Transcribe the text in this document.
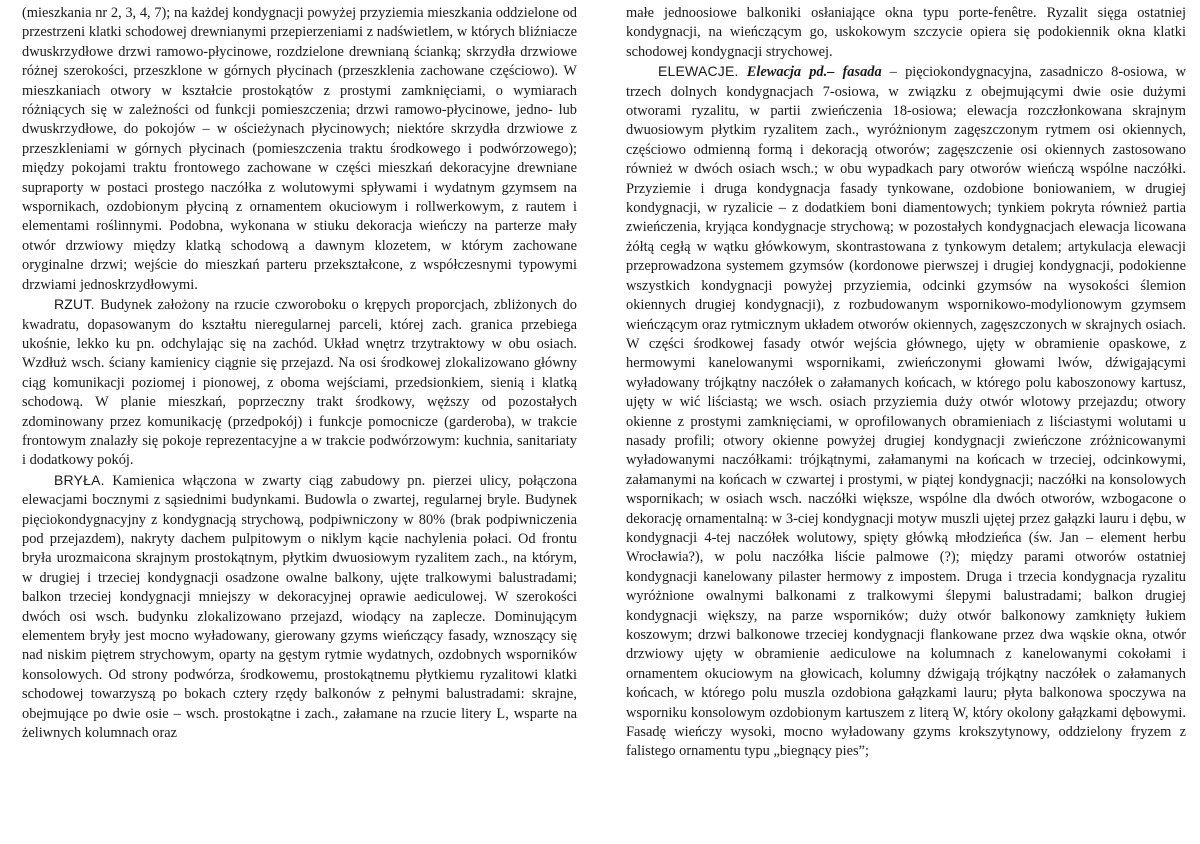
(mieszkania nr 2, 3, 4, 7); na każdej kondygnacji powyżej przyziemia mieszkania oddzielone od przestrzeni klatki schodowej drewnianymi przepierzeniami z nadświetlem, w których bliźniacze dwuskrzydłowe drzwi ramowo-płycinowe, rozdzielone drewnianą ścianką; skrzydła drzwiowe różnej szerokości, przeszklone w górnych płycinach (przeszklenia zachowane częściowo). W mieszkaniach otwory w kształcie prostokątów z prostymi zamknięciami, o wymiarach różniących się w zależności od funkcji pomieszczenia; drzwi ramowo-płycinowe, jedno- lub dwuskrzydłowe, do pokojów – w ościeżynach płycinowych; niektóre skrzydła drzwiowe z przeszkleniami w górnych płycinach (pomieszczenia traktu środkowego i podwórzowego); między pokojami traktu frontowego zachowane w części mieszkań dekoracyjne drewniane supraporty w postaci prostego naczółka z wolutowymi spływami i wydatnym gzymsem na wspornikach, ozdobionym płyciną z ornamentem okuciowym i rollwerkowym, z rautem i elementami roślinnymi. Podobna, wykonana w stiuku dekoracja wieńczy na parterze mały otwór drzwiowy między klatką schodową a dawnym klozetem, w którym zachowane oryginalne drzwi; wejście do mieszkań parteru przekształcone, z współczesnymi typowymi drzwiami jednoskrzydłowymi.

RZUT. Budynek założony na rzucie czworoboku o krępych proporcjach, zbliżonych do kwadratu, dopasowanym do kształtu nieregularnej parceli, której zach. granica przebiega ukośnie, lekko ku pn. odchylając się na zachód. Układ wnętrz trzytraktowy w obu osiach. Wzdłuż wsch. ściany kamienicy ciągnie się przejazd. Na osi środkowej zlokalizowano główny ciąg komunikacji poziomej i pionowej, z oboma wejściami, przedsionkiem, sienią i klatką schodową. W planie mieszkań, poprzeczny trakt środkowy, węższy od pozostałych zdominowany przez komunikację (przedpokój) i funkcje pomocnicze (garderoba), w trakcie frontowym znalazły się pokoje reprezentacyjne a w trakcie podwórzowym: kuchnia, sanitariaty i dodatkowy pokój.

BRYŁA. Kamienica włączona w zwarty ciąg zabudowy pn. pierzei ulicy, połączona elewacjami bocznymi z sąsiednimi budynkami. Budowla o zwartej, regularnej bryle. Budynek pięciokondygnacyjny z kondygnacją strychową, podpiwniczony w 80% (brak podpiwniczenia pod przejazdem), nakryty dachem pulpitowym o niklym kącie nachylenia połaci. Od frontu bryła urozmaicona skrajnym prostokątnym, płytkim dwuosiowym ryzalitem zach., na którym, w drugiej i trzeciej kondygnacji osadzone owalne balkony, ujęte tralkowymi balustradami; balkon trzeciej kondygnacji mniejszy w dekoracyjnej oprawie aediculowej. W szerokości dwóch osi wsch. budynku zlokalizowano przejazd, wiodący na zaplecze. Dominującym elementem bryły jest mocno wyładowany, gierowany gzyms wieńczący fasady, wznoszący się nad niskim piętrem strychowym, oparty na gęstym rytmie wydatnych, ozdobnych wsporników konsolowych. Od strony podwórza, środkowemu, prostokątnemu płytkiemu ryzalitowi klatki schodowej towarzyszą po bokach cztery rzędy balkonów z pełnymi balustradami: skrajne, obejmujące po dwie osie – wsch. prostokątne i zach., załamane na rzucie litery L, wsparte na żeliwnych kolumnach oraz

małe jednoosiowe balkoniki osłaniające okna typu porte-fenêtre. Ryzalit sięga ostatniej kondygnacji, na wieńczącym go, uskokowym szczycie opiera się podokiennik okna klatki schodowej kondygnacji strychowej.

ELEWACJE. Elewacja pd.– fasada – pięciokondygnacyjna, zasadniczo 8-osiowa, w trzech dolnych kondygnacjach 7-osiowa, w związku z obejmującymi dwie osie dużymi otworami ryzalitu, w partii zwieńczenia 18-osiowa; elewacja rozczłonkowana skrajnym dwuosiowym płytkim ryzalitem zach., wyróżnionym zagęszczonym rytmem osi okiennych, częściowo odmienną formą i dekoracją otworów; zagęszczenie osi okiennych zastosowano również w dwóch osiach wsch.; w obu wypadkach pary otworów wieńczą wspólne naczółki. Przyziemie i druga kondygnacja fasady tynkowane, ozdobione boniowaniem, w drugiej kondygnacji, w ryzalicie – z dodatkiem boni diamentowych; tynkiem pokryta również partia zwieńczenia, kryjąca kondygnacje strychową; w pozostałych kondygnacjach elewacja licowana żółtą cegłą w wątku główkowym, skontrastowana z tynkowym detalem; artykulacja elewacji przeprowadzona systemem gzymsów (kordonowe pierwszej i drugiej kondygnacji, podokienne wszystkich kondygnacji powyżej przyziemia, odcinki gzymsów na wysokości ślemion okiennych drugiej kondygnacji), z rozbudowanym wspornikowo-modylionowym gzymsem wieńczącym oraz rytmicznym układem otworów okiennych, zagęszczonych w skrajnych osiach. W części środkowej fasady otwór wejścia głównego, ujęty w obramienie opaskowe, z hermowymi kanelowanymi wspornikami, zwieńczonymi głowami lwów, dźwigającymi wyładowany trójkątny naczółek o załamanych końcach, w którego polu kaboszonowy kartusz, ujęty w wić liściastą; we wsch. osiach przyziemia duży otwór wlotowy przejazdu; otwory okienne z prostymi zamknięciami, w oprofilowanych obramieniach z liściastymi wolutami u nasady profili; otwory okienne powyżej drugiej kondygnacji zwieńczone zróżnicowanymi wyładowanymi naczółkami: trójkątnymi, załamanymi na końcach w trzeciej, odcinkowymi, załamanymi na końcach w czwartej i prostymi, w piątej kondygnacji; naczółki na konsolowych wspornikach; w osiach wsch. naczółki większe, wspólne dla dwóch otworów, wzbogacone o dekorację ornamentalną: w 3-ciej kondygnacji motyw muszli ujętej przez gałązki lauru i dębu, w kondygnacji 4-tej naczółek wolutowy, spięty główką młodzieńca (św. Jan – element herbu Wrocławia?), w polu naczółka liście palmowe (?); między parami otworów ostatniej kondygnacji kanelowany pilaster hermowy z impostem. Druga i trzecia kondygnacja ryzalitu wyróżnione owalnymi balkonami z tralkowymi ślepymi balustradami; balkon drugiej kondygnacji większy, na parze wsporników; duży otwór balkonowy zamknięty łukiem koszowym; drzwi balkonowe trzeciej kondygnacji flankowane przez dwa wąskie okna, otwór drzwiowy ujęty w obramienie aediculowe na kolumnach z kanelowanymi cokołami i ornamentem okuciowym na głowicach, kolumny dźwigają trójkątny naczółek o załamanych końcach, w którego polu muszla ozdobiona gałązkami lauru; płyta balkonowa spoczywa na wsporniku konsolowym ozdobionym kartuszem z literą W, który okolony gałązkami dębowymi. Fasadę wieńczy wysoki, mocno wyładowany gzyms krokszytynowy, oddzielony fryzem z falistego ornamentu typu „biegnący pies”;
